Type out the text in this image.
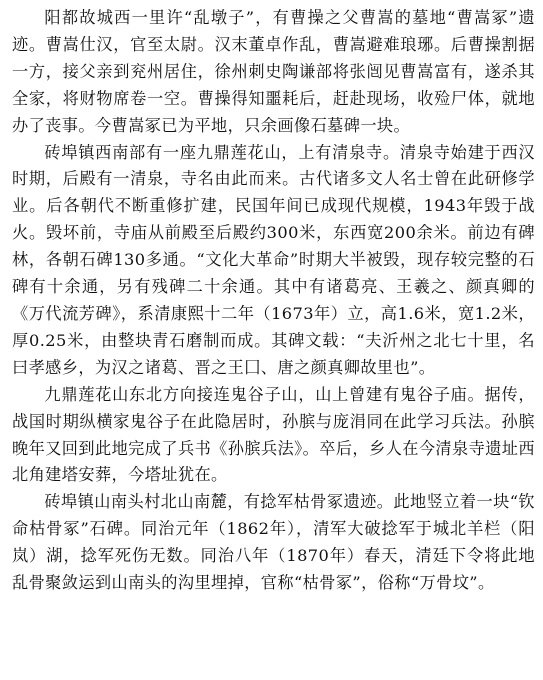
阳都故城西一里许“乱墩子”，有曹操之父曹嵩的墓地“曹嵩冢”遗迹。曹嵩仕汉，官至太尉。汉末董卓作乱，曹嵩避难琅琊。后曹操割据一方，接父亲到兖州居住，徐州刺史陶谦部将张闿见曹嵩富有，遂杀其全家，将财物席卷一空。曹操得知噩耗后，赶赴现场，收殓尸体，就地办了丧事。今曹嵩冢已为平地，只余画像石墓碑一块。

砖埠镇西南部有一座九鼎莲花山，上有清泉寺。清泉寺始建于西汉时期，后殿有一清泉，寺名由此而来。古代诸多文人名士曾在此研修学业。后各朝代不断重修扩建，民国年间已成现代规模，1943年毁于战火。毁坏前，寺庙从前殿至后殿约300米，东西宽200余米。前边有碑林，各朝石碑130多通。“文化大革命”时期大半被毁，现存较完整的石碑有十余通，另有残碑二十余通。其中有诸葛亮、王羲之、颜真卿的《万代流芳碑》，系清康熙十二年（1673年）立，高1.6米，宽1.2米，厚0.25米，由整块青石磨制而成。其碑文载：“夫沂州之北七十里，名曰孝感乡，为汉之诸葛、晋之王囗、唐之颜真卿故里也”。

九鼎莲花山东北方向接连鬼谷子山，山上曾建有鬼谷子庙。据传，战国时期纵横家鬼谷子在此隐居时，孙膑与庞涓同在此学习兵法。孙膑晚年又回到此地完成了兵书《孙膑兵法》。卒后，乡人在今清泉寺遗址西北角建塔安葬，今塔址犹在。

砖埠镇山南头村北山南麓，有捻军枯骨冢遗迹。此地竖立着一块“钦命枯骨冢”石碑。同治元年（1862年），清军大破捻军于城北羊栏（阳岚）湖，捻军死伤无数。同治八年（1870年）春天，清廷下令将此地乱骨聚敛运到山南头的沟里埋掉，官称“枯骨冢”，俗称“万骨坟”。
